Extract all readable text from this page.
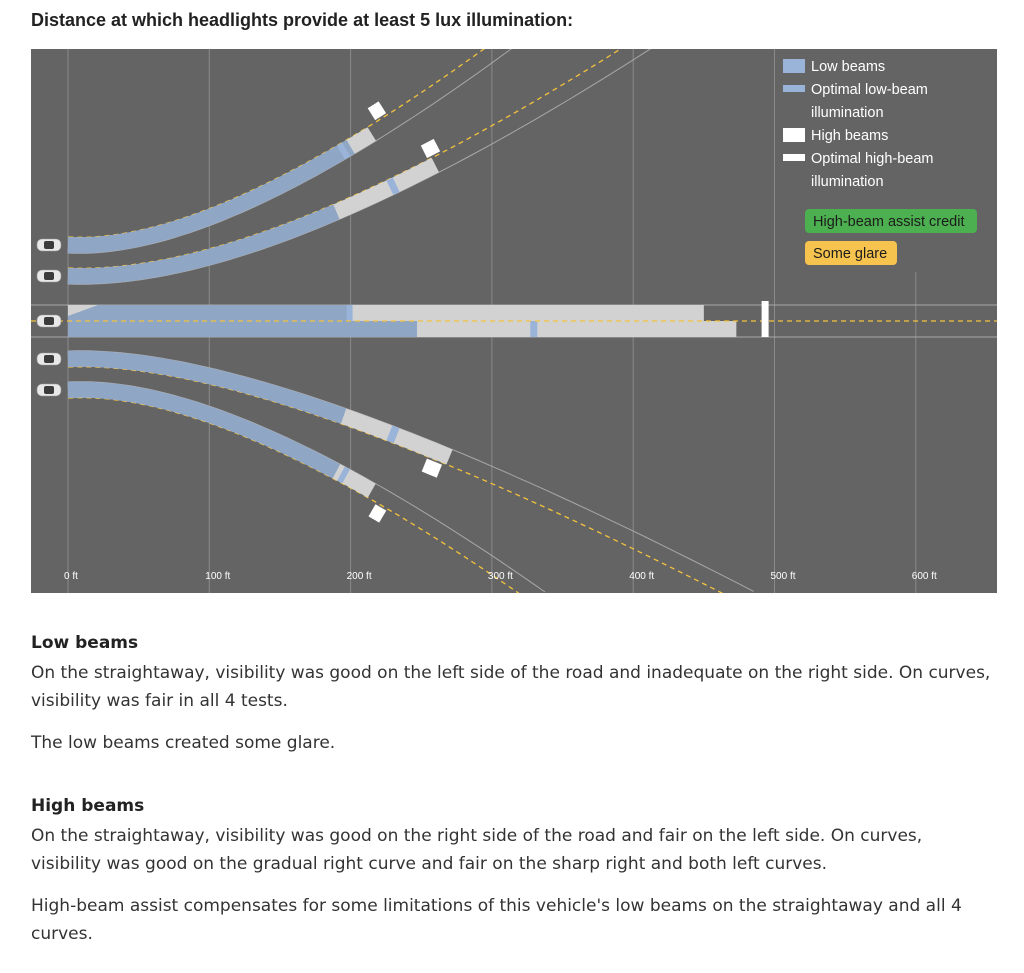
Distance at which headlights provide at least 5 lux illumination:
0 ft	100 ft	200 ft	300 ft	400 ft	500 ft	600 ft
Low beams
Optimal low-beam
illumination
High beams
Optimal high-beam
illumination
High-beam assist credit
Some glare
Low beams

On the straightaway, visibility was good on the left side of the road and inadequate on the right side. On curves, visibility was fair in all 4 tests.

The low beams created some glare.

High beams

On the straightaway, visibility was good on the right side of the road and fair on the left side. On curves, visibility was good on the gradual right curve and fair on the sharp right and both left curves.

High-beam assist compensates for some limitations of this vehicle's low beams on the straightaway and all 4 curves.
